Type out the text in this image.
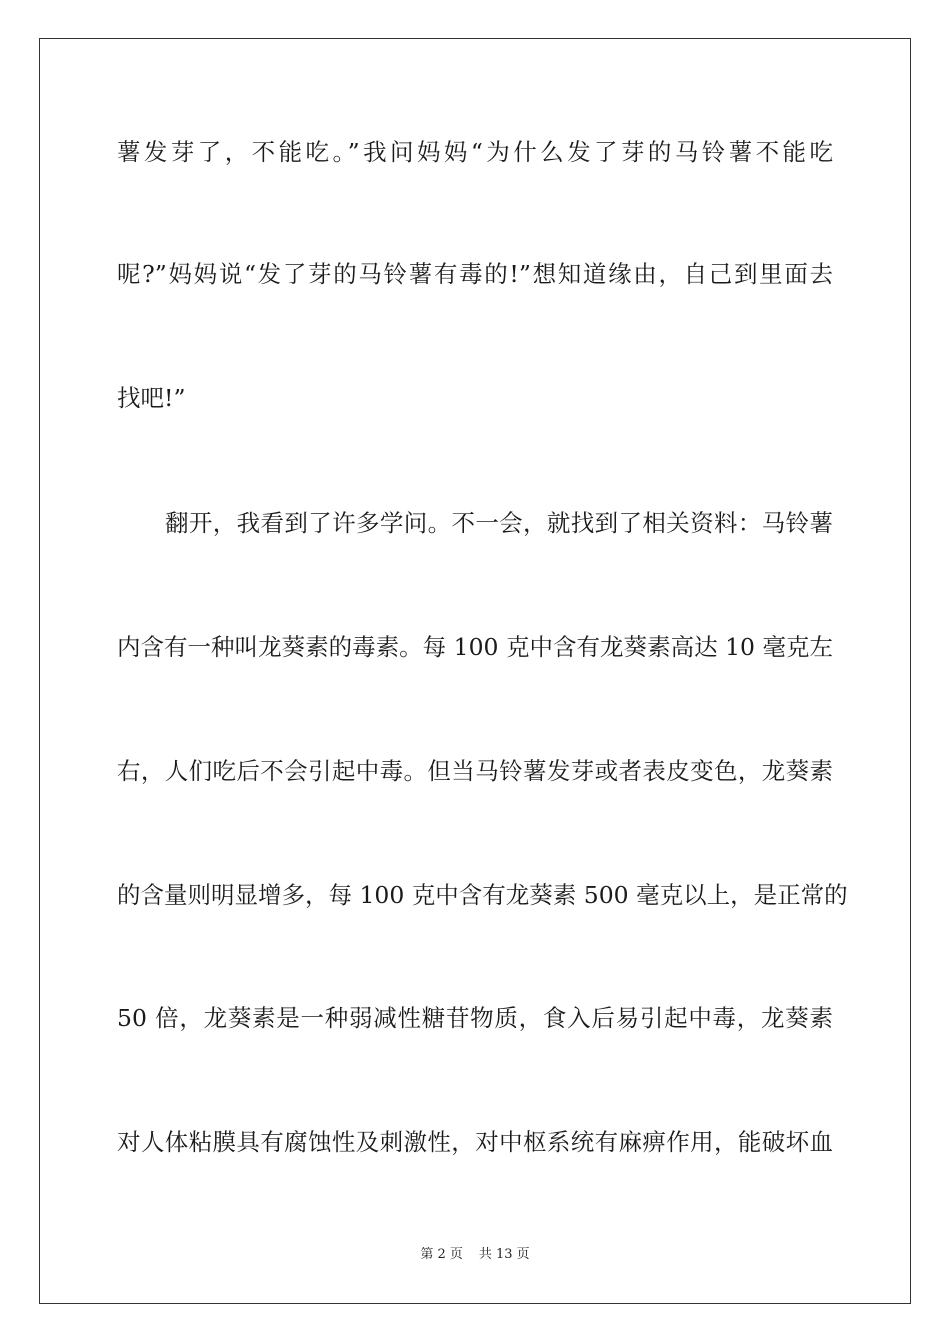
薯发芽了，不能吃。”我问妈妈“为什么发了芽的马铃薯不能吃
呢?”妈妈说“发了芽的马铃薯有毒的!”想知道缘由，自己到里面去
找吧!”
翻开，我看到了许多学问。不一会，就找到了相关资料：马铃薯
内含有一种叫龙葵素的毒素。每 100 克中含有龙葵素高达 10 毫克左
右，人们吃后不会引起中毒。但当马铃薯发芽或者表皮变色，龙葵素
的含量则明显增多，每 100 克中含有龙葵素 500 毫克以上，是正常的
50 倍，龙葵素是一种弱减性糖苷物质，食入后易引起中毒，龙葵素
对人体粘膜具有腐蚀性及刺激性，对中枢系统有麻痹作用，能破坏血
第 2 页 共 13 页
